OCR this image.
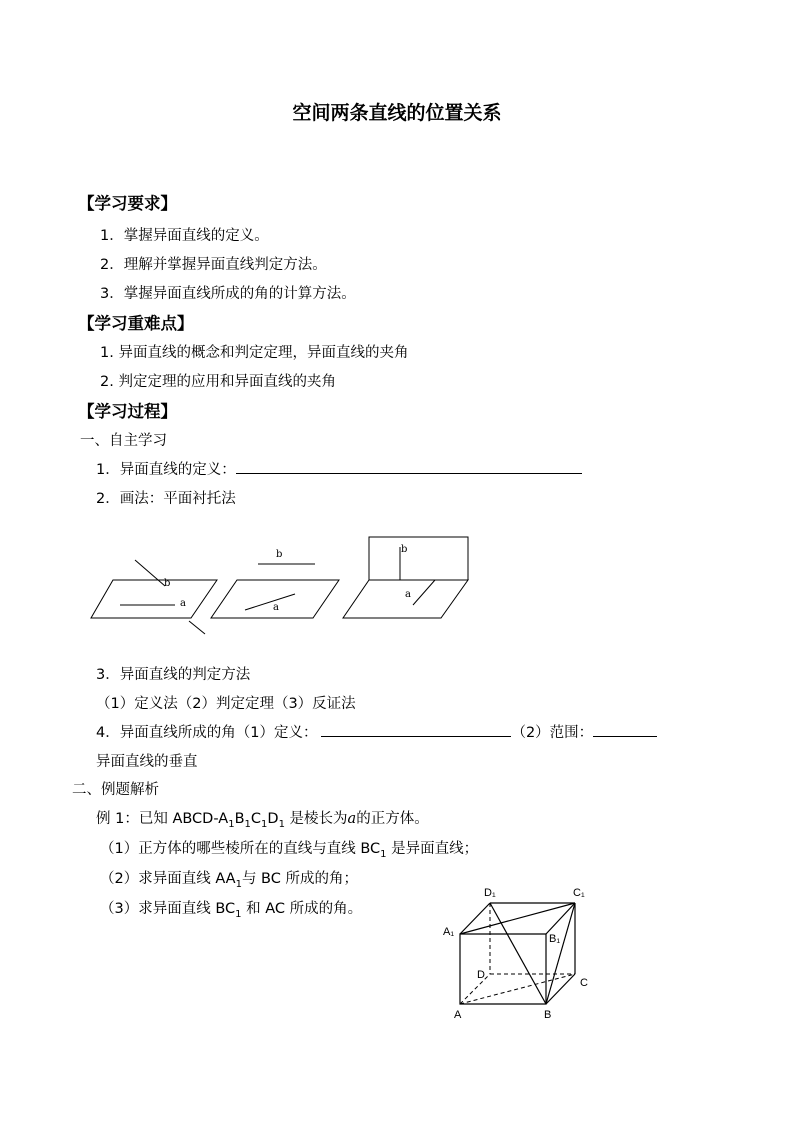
空间两条直线的位置关系
【学习要求】
1．掌握异面直线的定义。
2．理解并掌握异面直线判定方法。
3．掌握异面直线所成的角的计算方法。
【学习重难点】
1. 异面直线的概念和判定定理，异面直线的夹角
2. 判定定理的应用和异面直线的夹角
【学习过程】
一、自主学习
1．异面直线的定义：
2．画法：平面衬托法
a
b
a
b
a
b
3．异面直线的判定方法
（1）定义法（2）判定定理（3）反证法
4．异面直线所成的角（1）定义：	（2）范围：
异面直线的垂直
二、例题解析
例 1：已知 ABCD-$A_1B_1C_1D_1$ 是棱长为a的正方体。
（1）正方体的哪些棱所在的直线与直线 $BC_1$ 是异面直线；
（2）求异面直线 $AA_1$与 BC 所成的角；
（3）求异面直线 $BC_1$ 和 AC 所成的角。
D₁	C₁
A₁
B₁
D
C
A	B
